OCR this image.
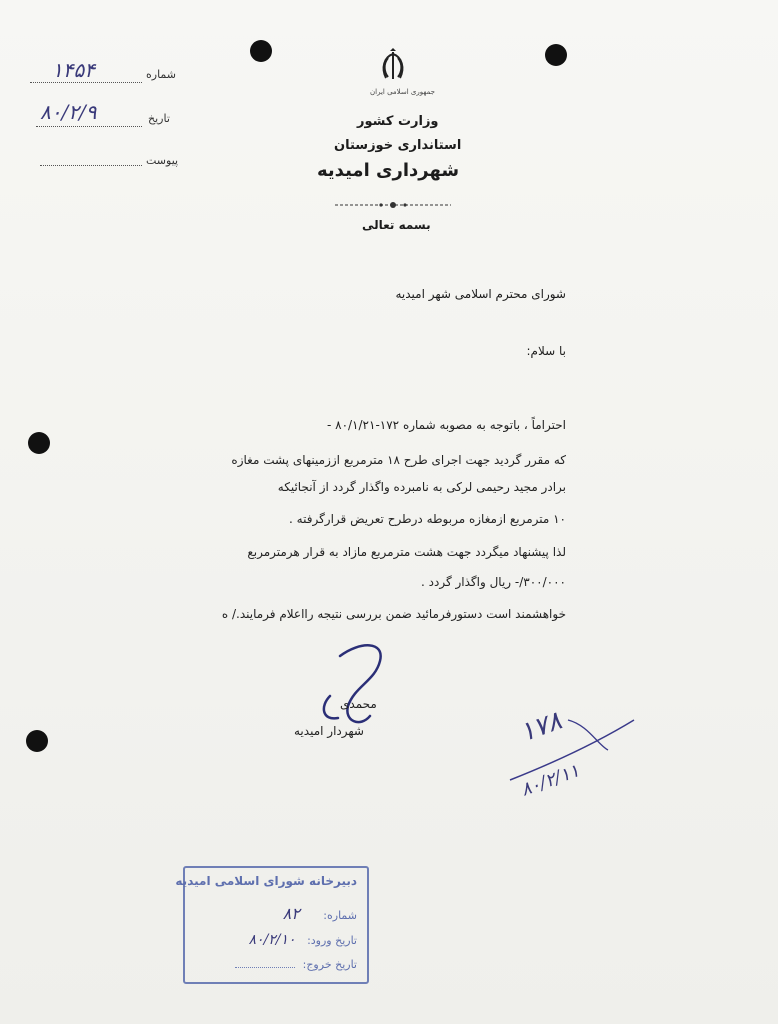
شماره
۱۴۵۴
تاریخ
۸۰/۲/۹
پیوست
جمهوری اسلامی ایران
وزارت کشور
استانداری خوزستان
شهرداری امیدیه
بسمه تعالی
شورای محترم اسلامی شهر امیدیه
با سلام:
احتراماً ، باتوجه به مصوبه شماره ۱۷۲-۸۰/۱/۲۱ -
که مقرر گردید جهت اجرای طرح ۱۸ مترمربع اززمینهای پشت مغازه
برادر مجید رحیمی لرکی به نامبرده واگذار گردد از آنجائیکه
۱۰ مترمربع ازمغازه مربوطه درطرح تعریض قرارگرفته .
لذا پیشنهاد میگردد جهت هشت مترمربع مازاد به قرار هرمترمربع
۳۰۰/۰۰۰/- ریال واگذار گردد .
خواهشمند است دستورفرمائید ضمن بررسی نتیجه رااعلام فرمایند./ ه
محمدی
شهردار امیدیه	۱۷۸
۸۰/۲/۱۱
دبیرخانه شورای اسلامی امیدیه
شماره: ۸۲
تاریخ ورود: ۸۰/۲/۱۰
تاریخ خروج:
